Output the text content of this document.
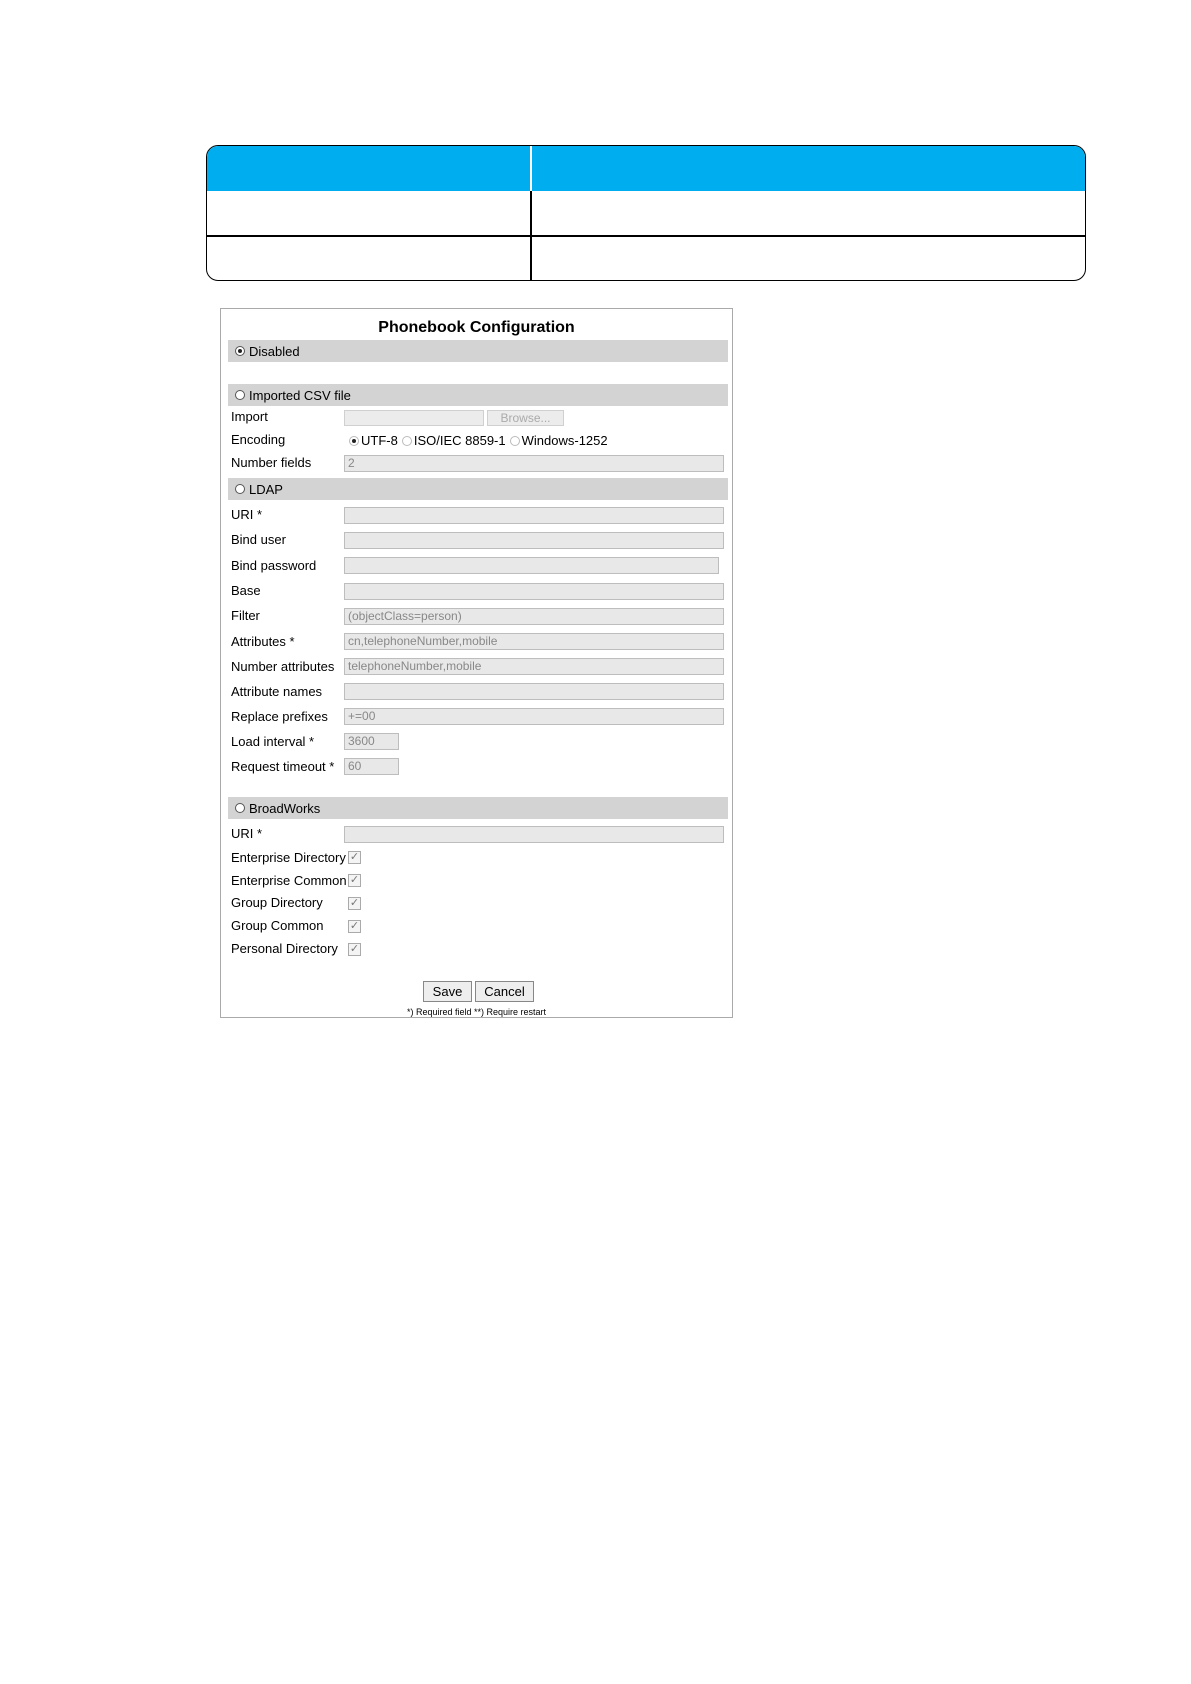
Phonebook Configuration
Disabled
Imported CSV file
Import	Browse...
Encoding	UTF-8 ISO/IEC 8859-1 Windows-1252
Number fields	2
LDAP
URI *
Bind user
Bind password
Base
Filter	(objectClass=person)
Attributes *	cn,telephoneNumber,mobile
Number attributes	telephoneNumber,mobile
Attribute names
Replace prefixes	+=00
Load interval *	3600
Request timeout *	60
BroadWorks
URI *
Enterprise Directory ✓
Enterprise Common ✓
Group Directory ✓
Group Common ✓
Personal Directory ✓
Save	Cancel
*) Required field **) Require restart
